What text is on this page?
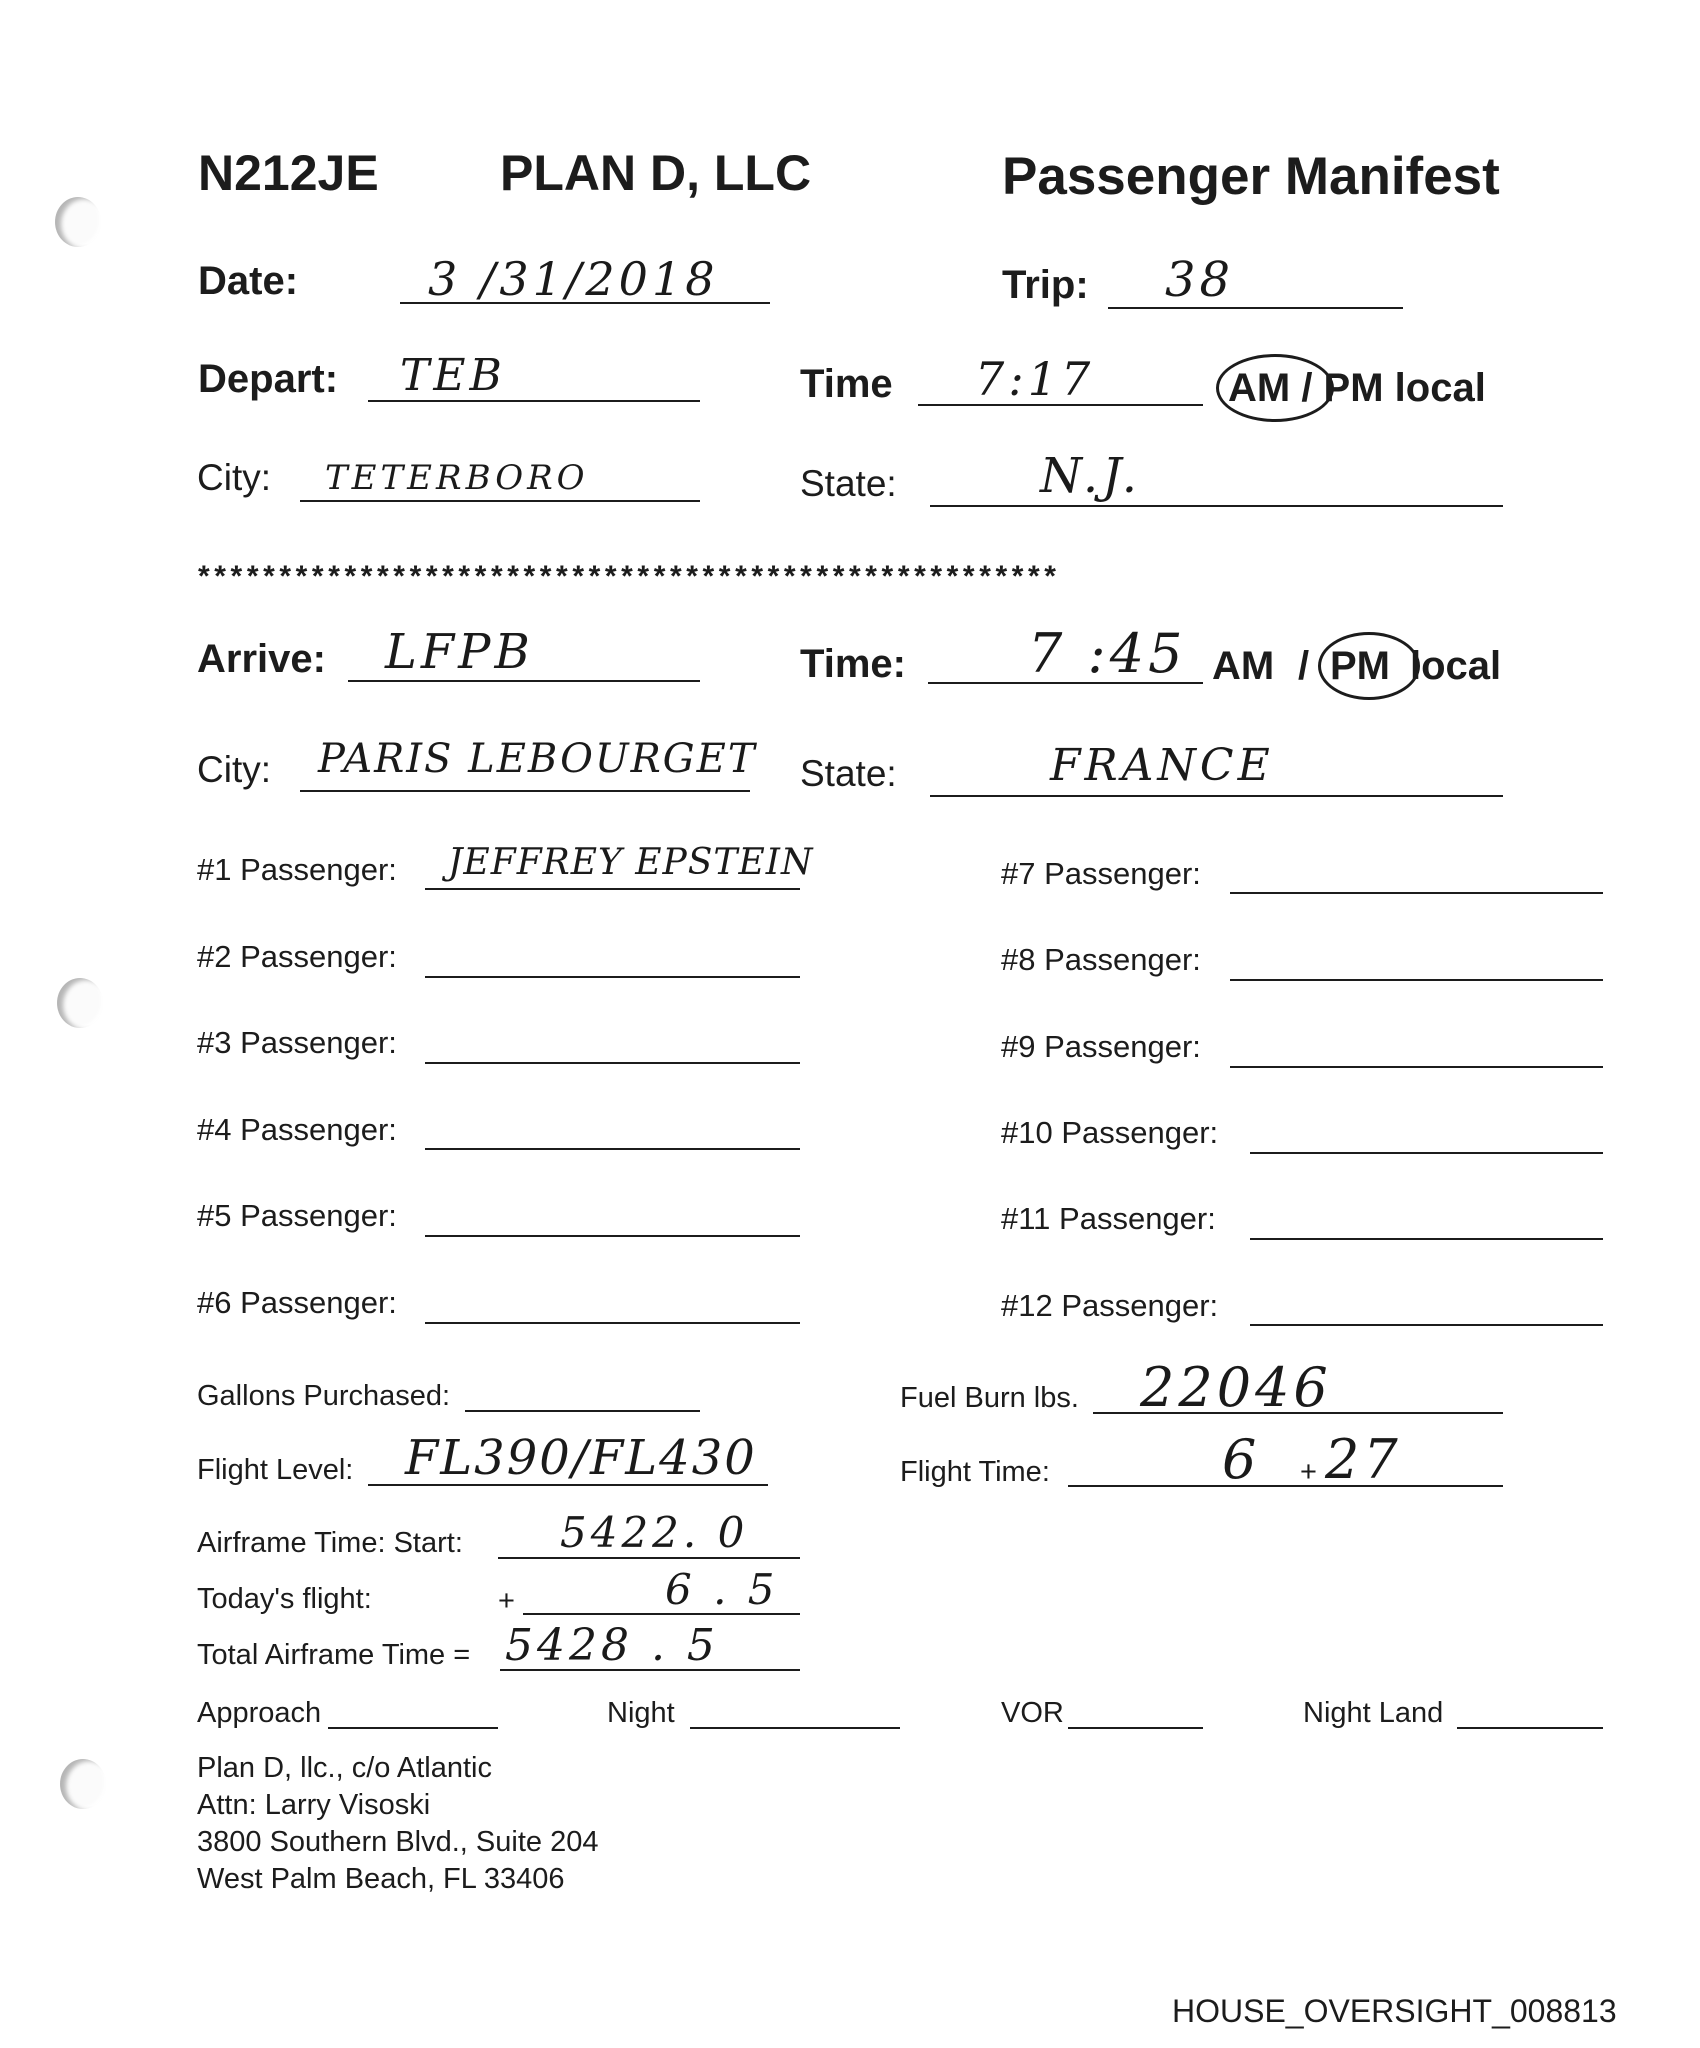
N212JE PLAN D, LLC	Passenger Manifest
Date:	3 /31/2018	Trip: 38
Depart: TEB	Time 7:17	AM / PM local
City: TETERBORO	State:	N.J.
*****************************************************
Arrive: LFPB	Time: 7 :45 AM / PM local
City: PARIS LEBOURGET State:	FRANCE
#1 Passenger: JEFFREY EPSTEIN
#2 Passenger:
#3 Passenger:
#4 Passenger:
#5 Passenger:
#6 Passenger:
#7 Passenger:
#8 Passenger:
#9 Passenger:
#10 Passenger:
#11 Passenger:
#12 Passenger:
Gallons Purchased:	Fuel Burn lbs. 22046
Flight Level: FL390/FL430	Flight Time:	6 + 27
Airframe Time: Start: 5422. 0
Today's flight:	+	6 . 5
Total Airframe Time = 5428 . 5
Approach	Night	VOR	Night Land
Plan D, llc., c/o Atlantic
Attn: Larry Visoski
3800 Southern Blvd., Suite 204
West Palm Beach, FL 33406
HOUSE_OVERSIGHT_008813
